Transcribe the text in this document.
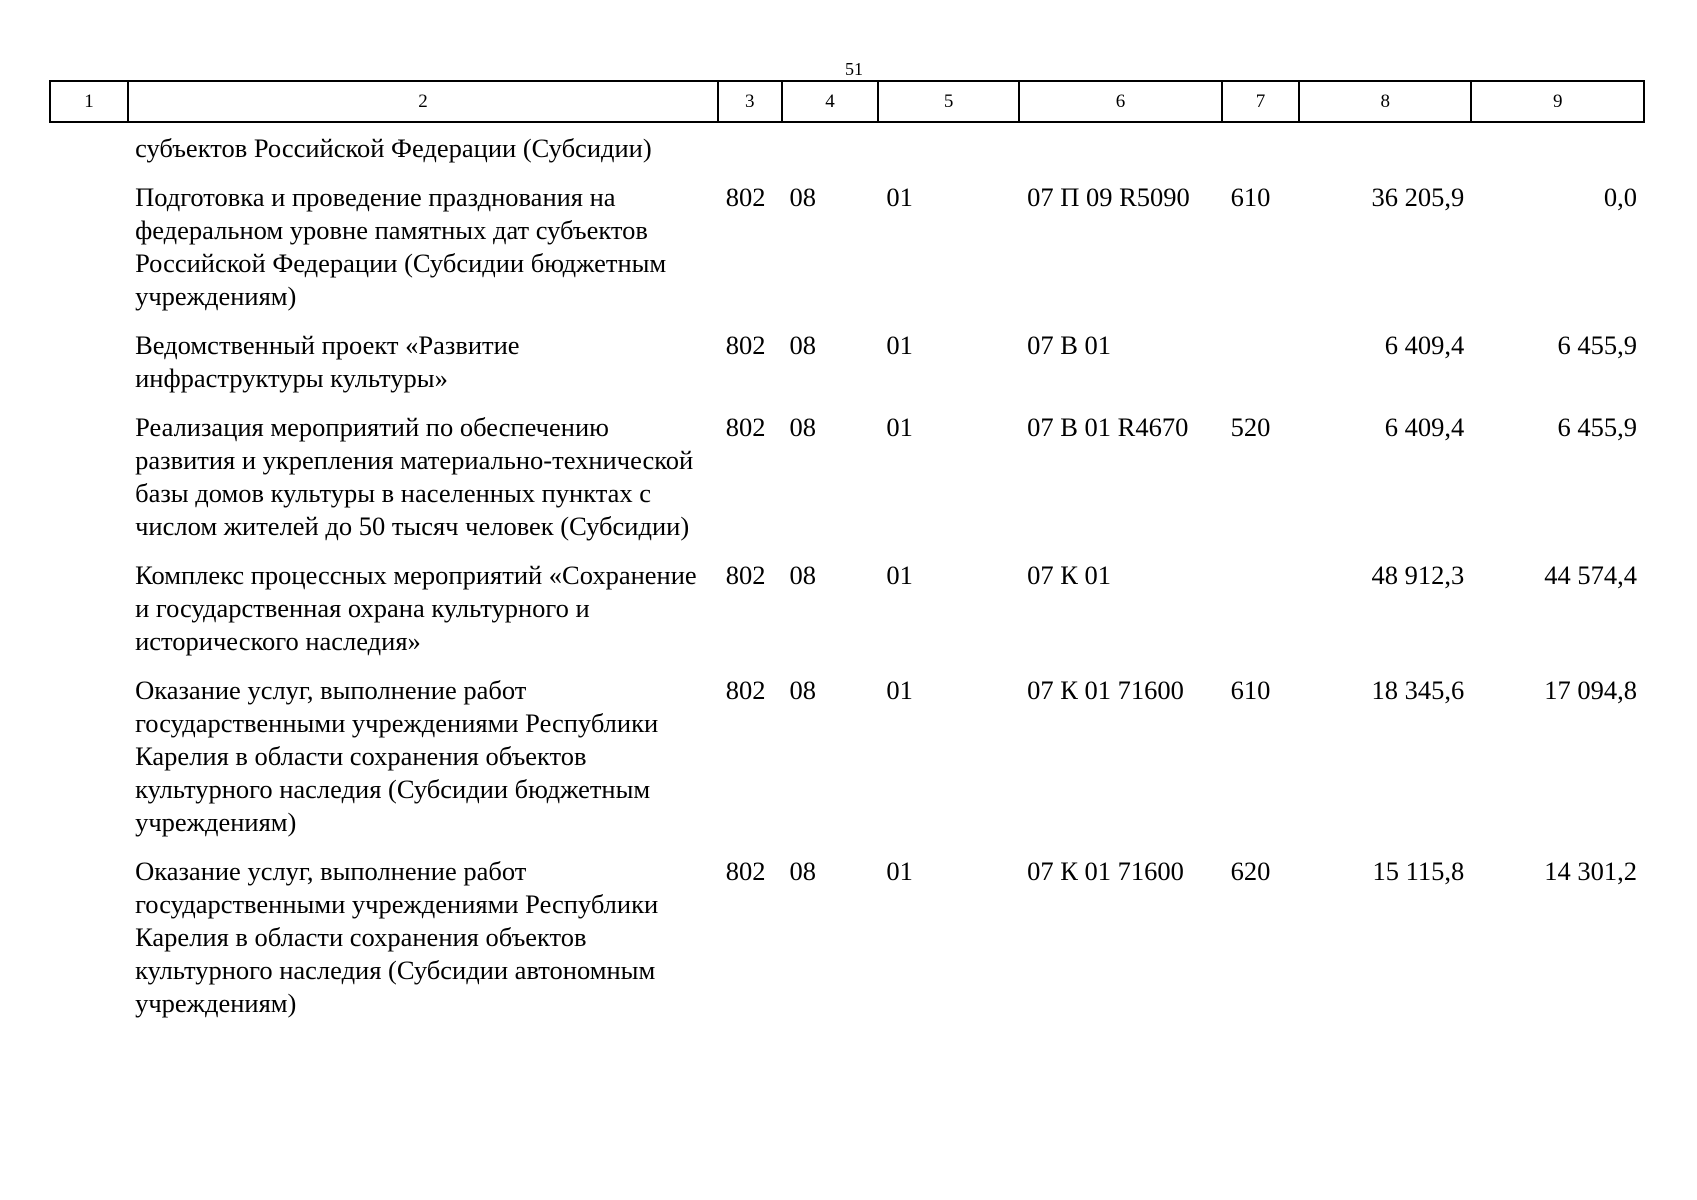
51
1	2	3	4	5	6	7	8	9
	субъектов Российской Федерации (Субсидии)							
	Подготовка и проведение празднования на федеральном уровне памятных дат субъектов Российской Федерации (Субсидии бюджетным учреждениям)	802	08	01	07 П 09 R5090	610	36 205,9	0,0
	Ведомственный проект «Развитие инфраструктуры культуры»	802	08	01	07 В 01		6 409,4	6 455,9
	Реализация мероприятий по обеспечению развития и укрепления материально-технической базы домов культуры в населенных пунктах с числом жителей до 50 тысяч человек (Субсидии)	802	08	01	07 В 01 R4670	520	6 409,4	6 455,9
	Комплекс процессных мероприятий «Сохранение и государственная охрана культурного и исторического наследия»	802	08	01	07 К 01		48 912,3	44 574,4
	Оказание услуг, выполнение работ государственными учреждениями Республики Карелия в области сохранения объектов культурного наследия (Субсидии бюджетным учреждениям)	802	08	01	07 К 01 71600	610	18 345,6	17 094,8
	Оказание услуг, выполнение работ государственными учреждениями Республики Карелия в области сохранения объектов культурного наследия (Субсидии автономным учреждениям)	802	08	01	07 К 01 71600	620	15 115,8	14 301,2
